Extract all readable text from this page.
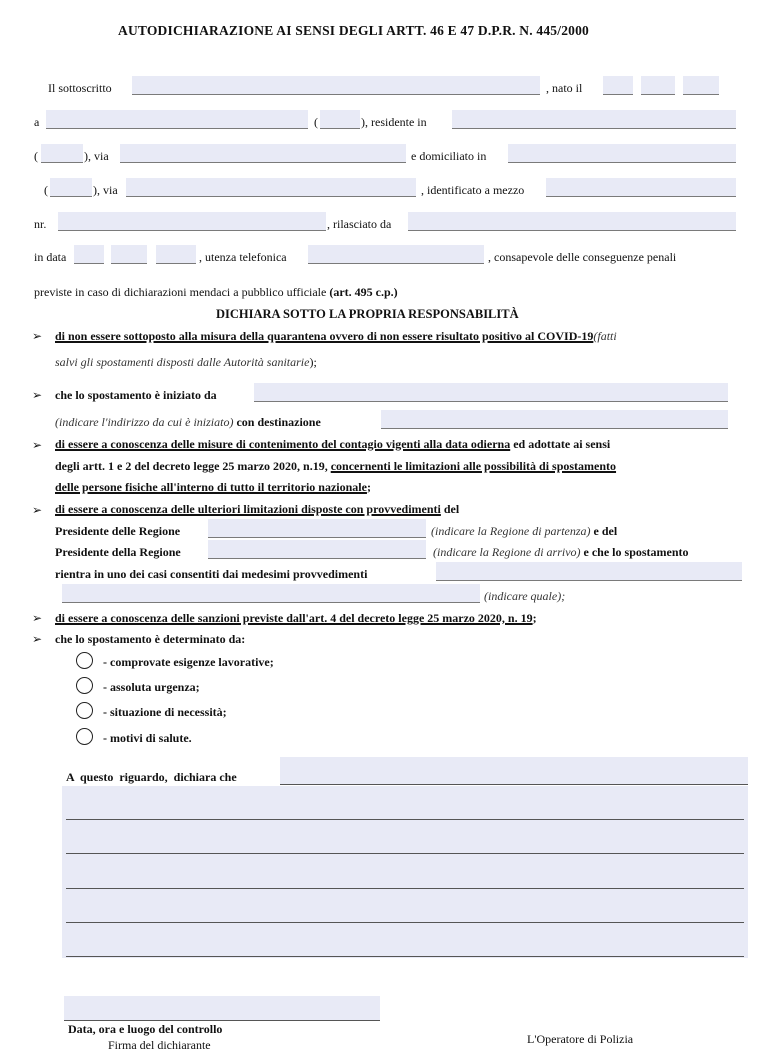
AUTODICHIARAZIONE AI SENSI DEGLI ARTT. 46 E 47 D.P.R. N. 445/2000
Il sottoscritto	, nato il
a	(	), residente in
(	), via	e domiciliato in
(	), via	, identificato a mezzo
nr.	, rilasciato da
in data	, utenza telefonica	, consapevole delle conseguenze penali
previste in caso di dichiarazioni mendaci a pubblico ufficiale (art. 495 c.p.)
DICHIARA SOTTO LA PROPRIA RESPONSABILITÀ
➢ di non essere sottoposto alla misura della quarantena ovvero di non essere risultato positivo al COVID-19(fatti
salvi gli spostamenti disposti dalle Autorità sanitarie);
➢ che lo spostamento è iniziato da
(indicare l'indirizzo da cui è iniziato) con destinazione
➢ di essere a conoscenza delle misure di contenimento del contagio vigenti alla data odierna ed adottate ai sensi
degli artt. 1 e 2 del decreto legge 25 marzo 2020, n.19, concernenti le limitazioni alle possibilità di spostamento
delle persone fisiche all'interno di tutto il territorio nazionale;
➢ di essere a conoscenza delle ulteriori limitazioni disposte con provvedimenti del
Presidente delle Regione	(indicare la Regione di partenza) e del
Presidente della Regione	(indicare la Regione di arrivo) e che lo spostamento
rientra in uno dei casi consentiti dai medesimi provvedimenti
(indicare quale);
➢ di essere a conoscenza delle sanzioni previste dall'art. 4 del decreto legge 25 marzo 2020, n. 19;
➢ che lo spostamento è determinato da:
- comprovate esigenze lavorative;
- assoluta urgenza;
- situazione di necessità;
- motivi di salute.
A  questo  riguardo,  dichiara che
Data, ora e luogo del controllo
Firma del dichiarante	L'Operatore di Polizia
